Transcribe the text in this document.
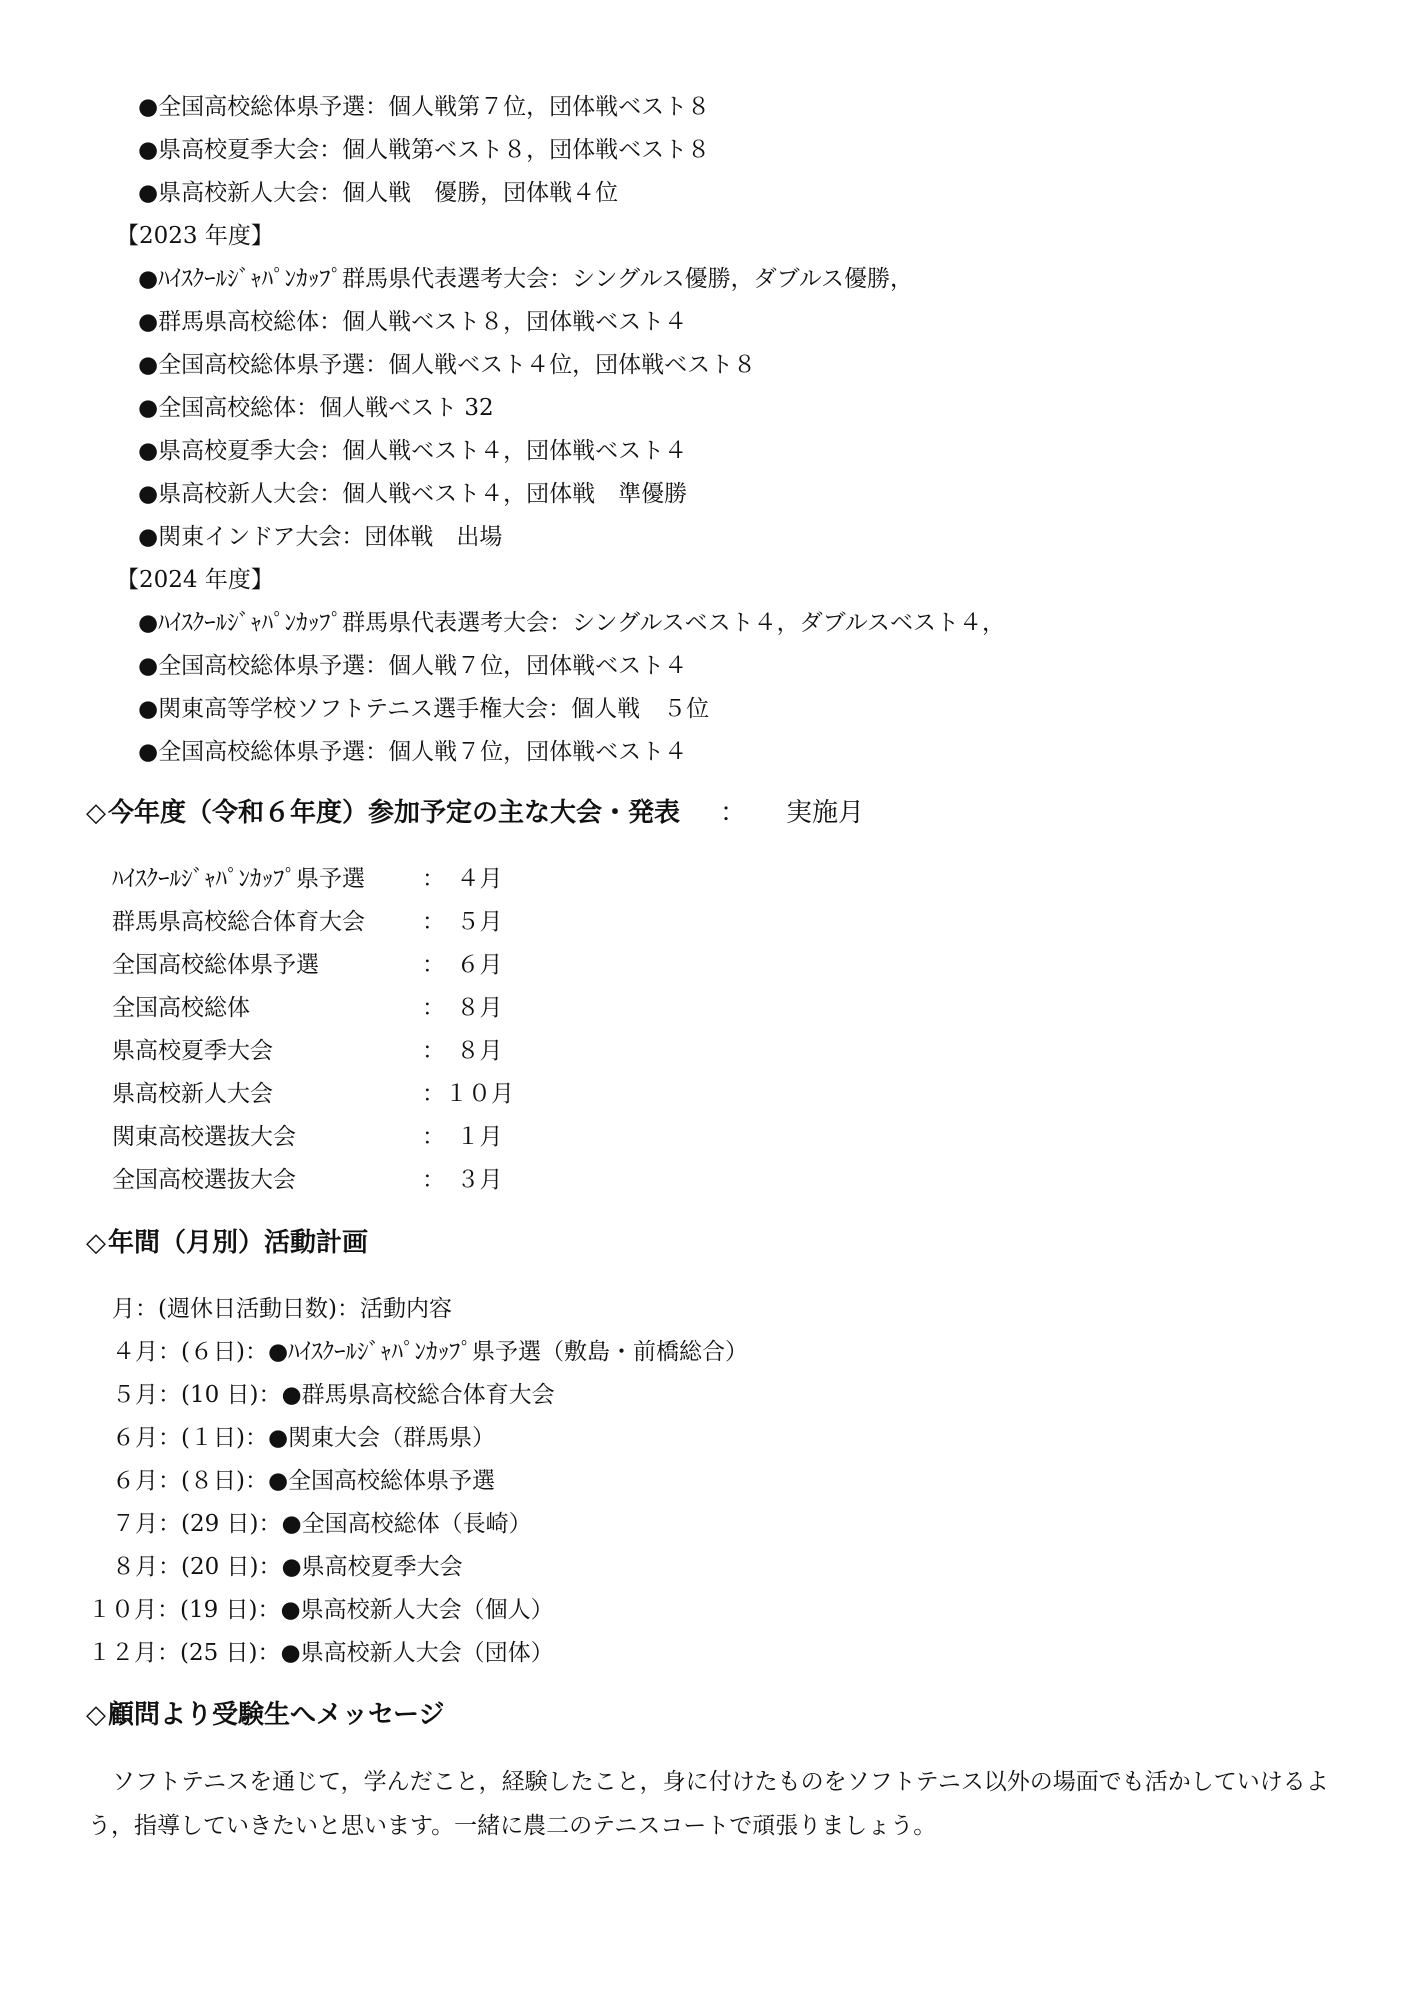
●全国高校総体県予選：個人戦第７位，団体戦ベスト８
●県高校夏季大会：個人戦第ベスト８，団体戦ベスト８
●県高校新人大会：個人戦　優勝，団体戦４位
【2023 年度】
●ﾊｲｽｸｰﾙｼﾞｬﾊﾟﾝｶｯﾌﾟ群馬県代表選考大会：シングルス優勝，ダブルス優勝，
●群馬県高校総体：個人戦ベスト８，団体戦ベスト４
●全国高校総体県予選：個人戦ベスト４位，団体戦ベスト８
●全国高校総体：個人戦ベスト 32
●県高校夏季大会：個人戦ベスト４，団体戦ベスト４
●県高校新人大会：個人戦ベスト４，団体戦　準優勝
●関東インドア大会：団体戦　出場
【2024 年度】
●ﾊｲｽｸｰﾙｼﾞｬﾊﾟﾝｶｯﾌﾟ群馬県代表選考大会：シングルスベスト４，ダブルスベスト４，
●全国高校総体県予選：個人戦７位，団体戦ベスト４
●関東高等学校ソフトテニス選手権大会：個人戦　５位
●全国高校総体県予選：個人戦７位，団体戦ベスト４
◇今年度（令和６年度）参加予定の主な大会・発表 ： 実施月
ﾊｲｽｸｰﾙｼﾞｬﾊﾟﾝｶｯﾌﾟ県予選 ：　４月
群馬県高校総合体育大会 ：　５月
全国高校総体県予選	：　６月
全国高校総体	：　８月
県高校夏季大会	：　８月
県高校新人大会	：１０月
関東高校選抜大会	：　１月
全国高校選抜大会	：　３月
◇年間（月別）活動計画
月：(週休日活動日数)：活動内容
４月：(６日)：●ﾊｲｽｸｰﾙｼﾞｬﾊﾟﾝｶｯﾌﾟ県予選（敷島・前橋総合）
５月：(10 日)：●群馬県高校総合体育大会
６月：(１日)：●関東大会（群馬県）
６月：(８日)：●全国高校総体県予選
７月：(29 日)：●全国高校総体（長崎）
８月：(20 日)：●県高校夏季大会
１０月：(19 日)：●県高校新人大会（個人）
１２月：(25 日)：●県高校新人大会（団体）
◇顧問より受験生へメッセージ
ソフトテニスを通じて，学んだこと，経験したこと，身に付けたものをソフトテニス以外の場面でも活かしていけるよう，指導していきたいと思います。一緒に農二のテニスコートで頑張りましょう。
